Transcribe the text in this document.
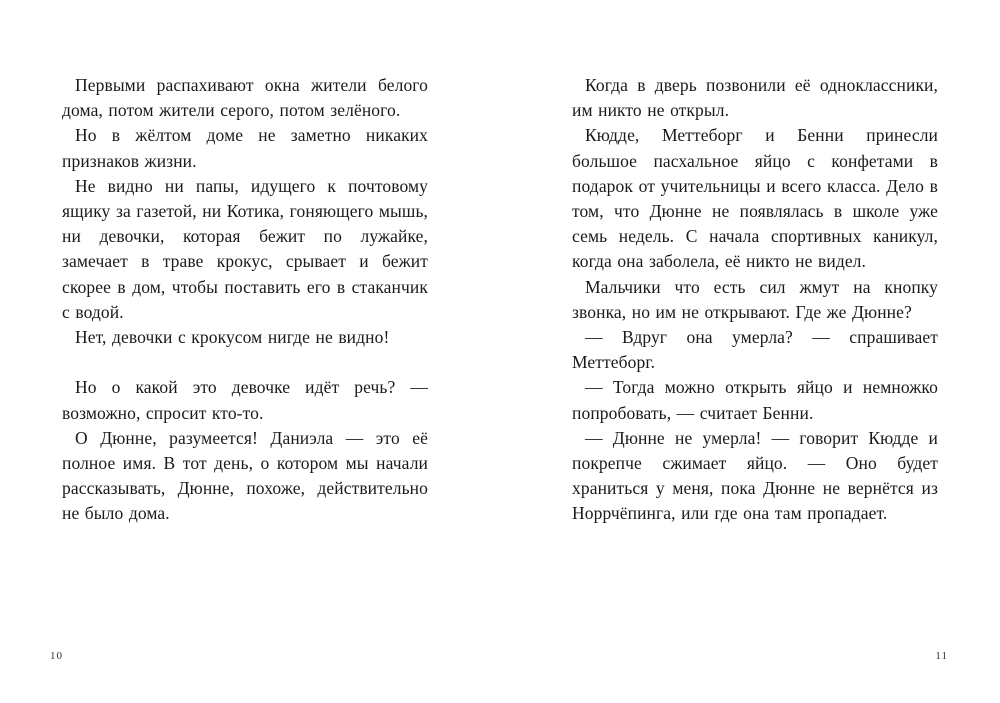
Первыми распахивают окна жители белого дома, потом жители серого, потом зелёного.

Но в жёлтом доме не заметно никаких признаков жизни.

Не видно ни папы, идущего к почтовому ящику за газетой, ни Котика, гоняющего мышь, ни девочки, которая бежит по лужайке, замечает в траве крокус, срывает и бежит скорее в дом, чтобы поставить его в стаканчик с водой.

Нет, девочки с крокусом нигде не видно!

Но о какой это девочке идёт речь? — возможно, спросит кто-то.

О Дюнне, разумеется! Даниэла — это её полное имя. В тот день, о котором мы начали рассказывать, Дюнне, похоже, действительно не было дома.

Когда в дверь позвонили её одноклассники, им никто не открыл.

Кюдде, Меттеборг и Бенни принесли большое пасхальное яйцо с конфетами в подарок от учительницы и всего класса. Дело в том, что Дюнне не появлялась в школе уже семь недель. С начала спортивных каникул, когда она заболела, её никто не видел.

Мальчики что есть сил жмут на кнопку звонка, но им не открывают. Где же Дюнне?

— Вдруг она умерла? — спрашивает Меттеборг.

— Тогда можно открыть яйцо и немножко попробовать, — считает Бенни.

— Дюнне не умерла! — говорит Кюдде и покрепче сжимает яйцо. — Оно будет храниться у меня, пока Дюнне не вернётся из Норрчёпинга, или где она там пропадает.

10	11
